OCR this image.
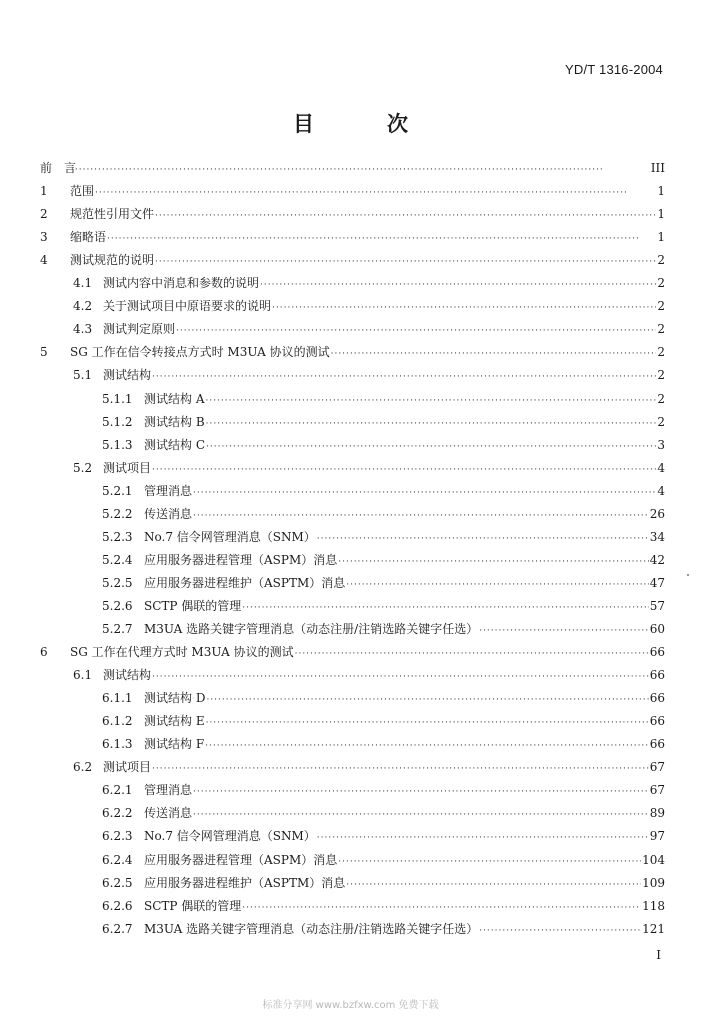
YD/T 1316-2004
目　次
前　言 ·····	III
1	范围 ·····	1
2	规范性引用文件 ·····	1
3	缩略语 ·····	1
4	测试规范的说明 ·····	2
4.1 测试内容中消息和参数的说明 ·····	2
4.2 关于测试项目中原语要求的说明 ·····	2
4.3 测试判定原则 ·····	2
5	SG 工作在信令转接点方式时 M3UA 协议的测试 ·····	2
5.1 测试结构 ·····	2
5.1.1 测试结构 A ·····	2
5.1.2 测试结构 B ·····	2
5.1.3 测试结构 C ·····	3
5.2 测试项目 ·····	4
5.2.1 管理消息 ·····	4
5.2.2 传送消息 ·····	26
5.2.3 No.7 信令网管理消息（SNM） ·····	34
5.2.4 应用服务器进程管理（ASPM）消息 ·····	42
5.2.5 应用服务器进程维护（ASPTM）消息 ·····	47
5.2.6 SCTP 偶联的管理 ·····	57
5.2.7 M3UA 选路关键字管理消息（动态注册/注销选路关键字任选） ·····	60
6	SG 工作在代理方式时 M3UA 协议的测试 ·····	66
6.1 测试结构 ·····	66
6.1.1 测试结构 D ·····	66
6.1.2 测试结构 E ·····	66
6.1.3 测试结构 F ·····	66
6.2 测试项目 ·····	67
6.2.1 管理消息 ·····	67
6.2.2 传送消息 ·····	89
6.2.3 No.7 信令网管理消息（SNM） ·····	97
6.2.4 应用服务器进程管理（ASPM）消息 ·····	104
6.2.5 应用服务器进程维护（ASPTM）消息 ·····	109
6.2.6 SCTP 偶联的管理 ·····	118
6.2.7 M3UA 选路关键字管理消息（动态注册/注销选路关键字任选） ·····	121
I
标准分享网 www.bzfxw.com 免费下载
